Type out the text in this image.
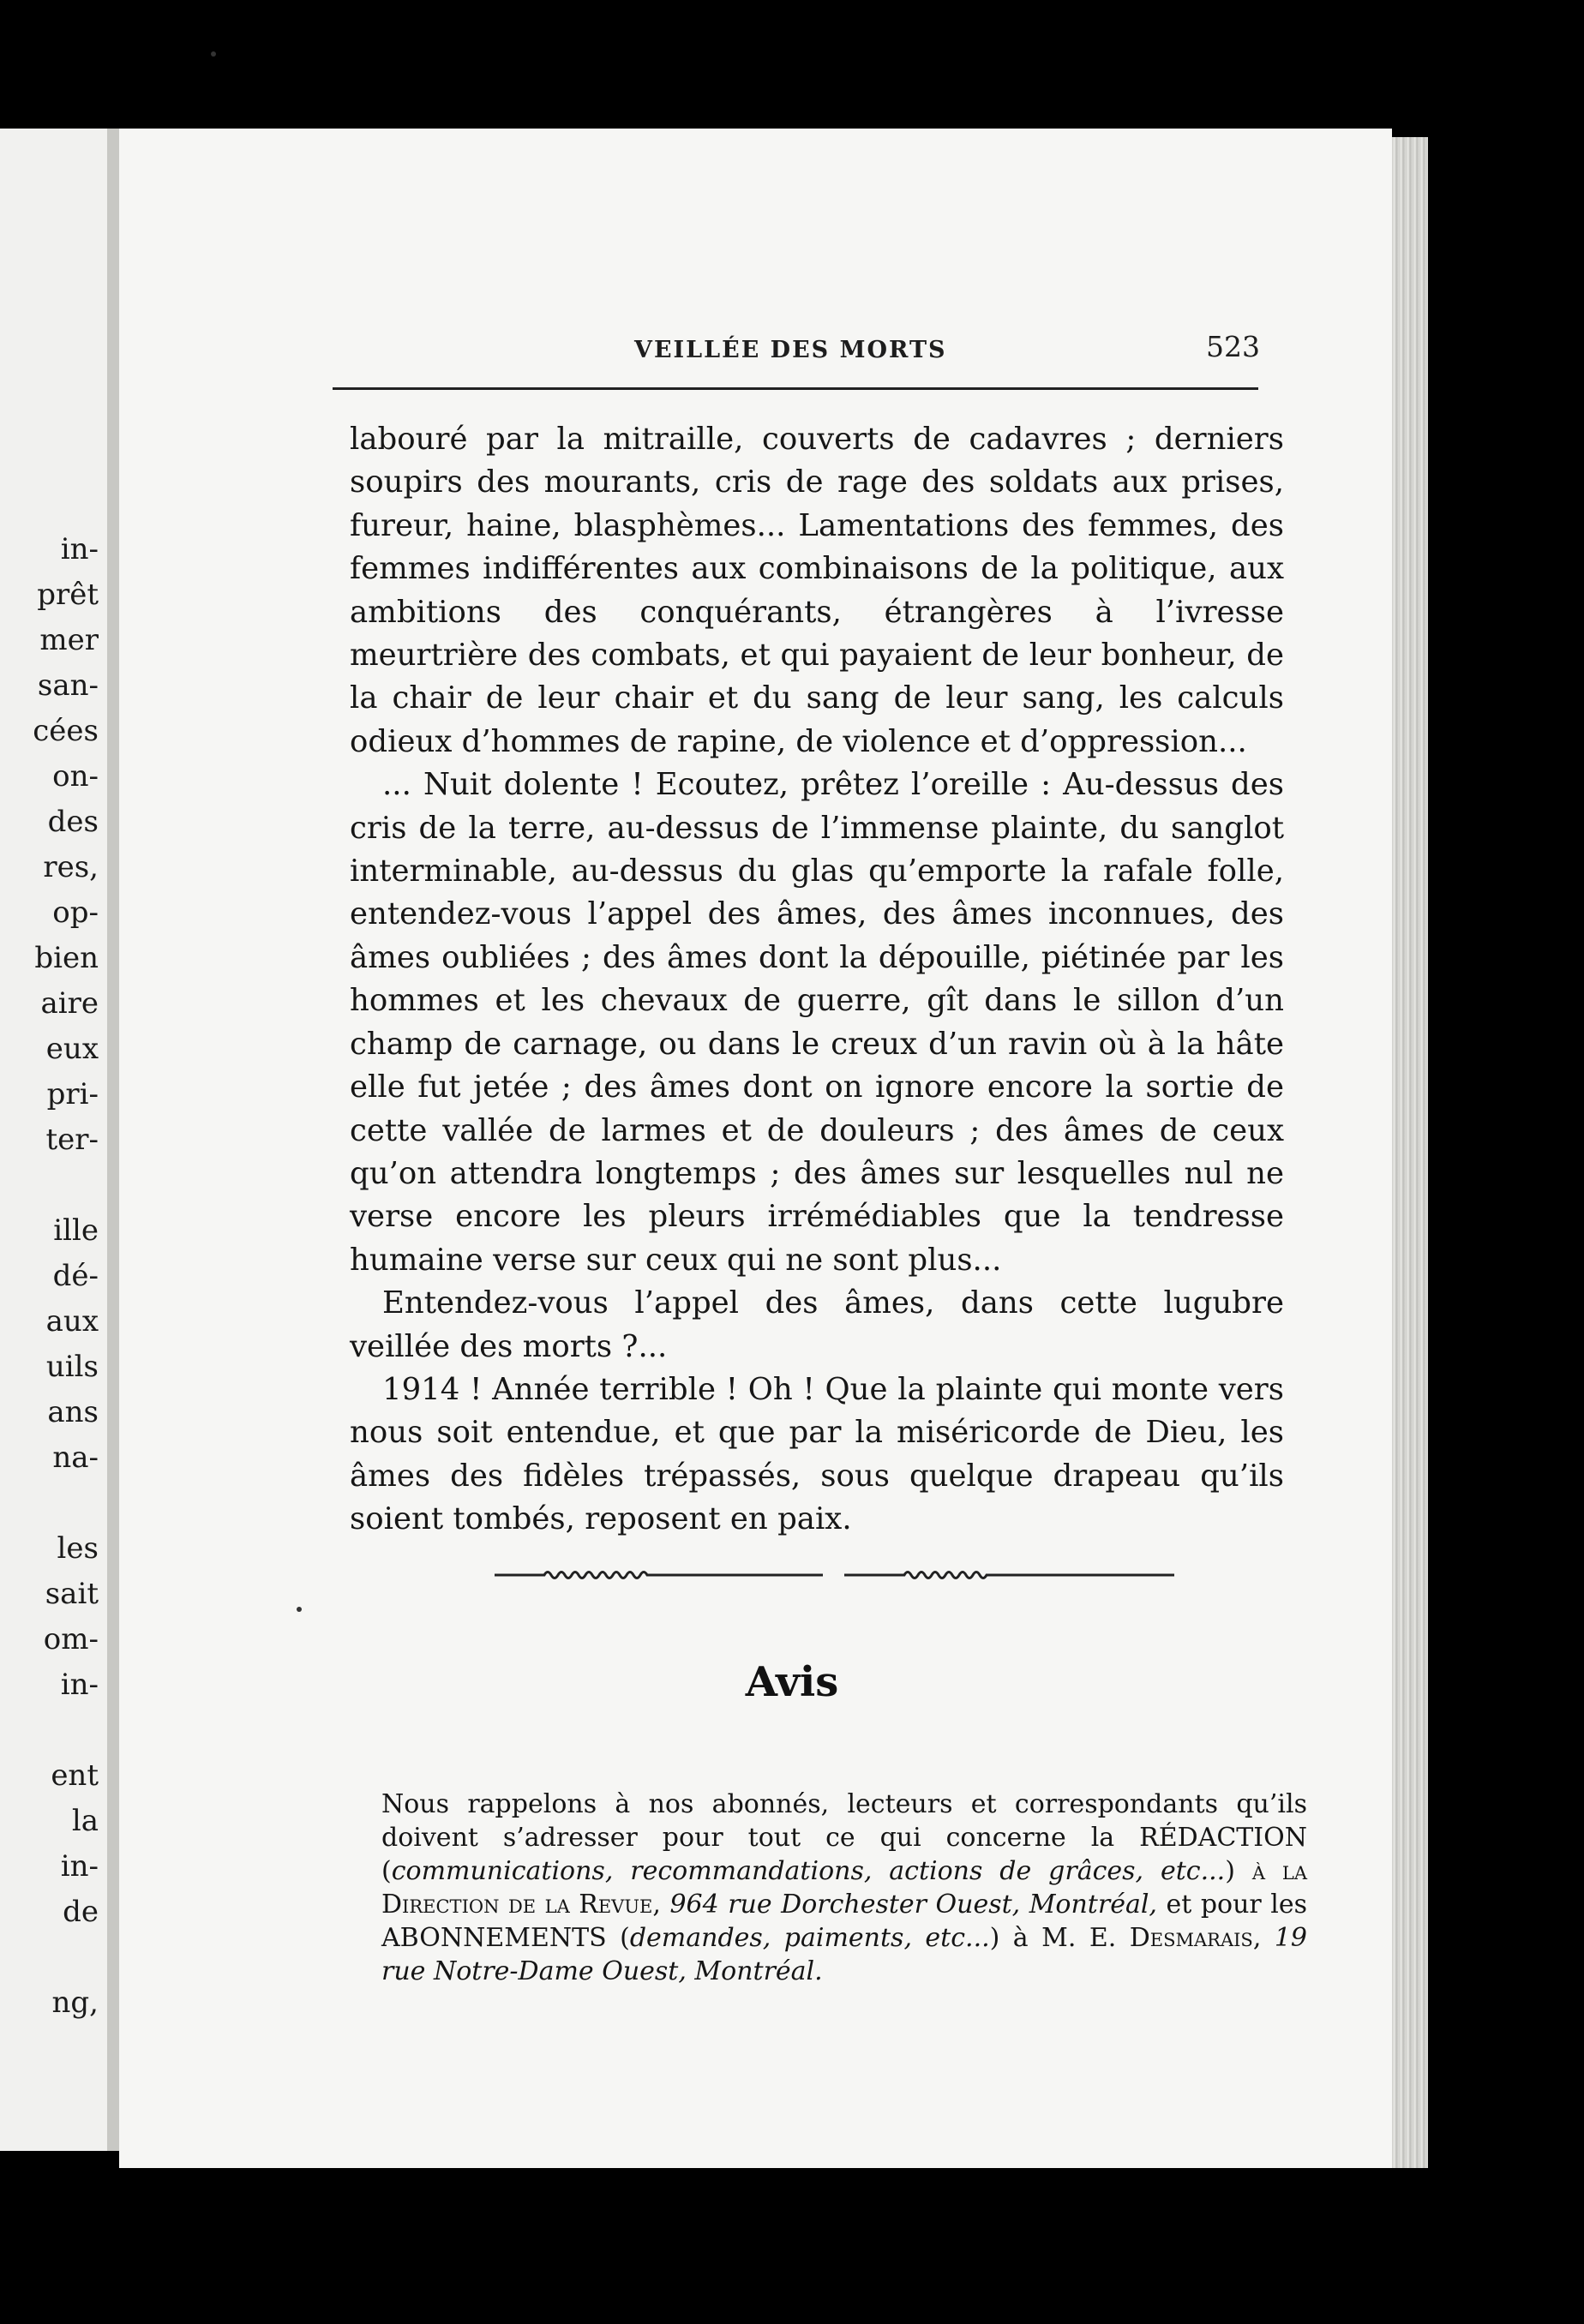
in-
prêt
mer
san-
cées
on-
des
res,
op-
bien
aire
eux
pri-
ter-
ille
dé-
aux
uils
ans
na-
les
sait
om-
in-
ent
la
in-
de
ng,
VEILLÉE DES MORTS	523

labouré par la mitraille, couverts de cadavres ; derniers soupirs des mourants, cris de rage des soldats aux prises, fureur, haine, blasphèmes... Lamentations des femmes, des femmes indifférentes aux combinaisons de la politique, aux ambitions des conquérants, étrangères à l’ivresse meurtrière des combats, et qui payaient de leur bonheur, de la chair de leur chair et du sang de leur sang, les calculs odieux d’hommes de rapine, de violence et d’oppression...

... Nuit dolente ! Ecoutez, prêtez l’oreille : Au-dessus des cris de la terre, au-dessus de l’immense plainte, du sanglot interminable, au-dessus du glas qu’emporte la rafale folle, entendez-vous l’appel des âmes, des âmes inconnues, des âmes oubliées ; des âmes dont la dépouille, piétinée par les hommes et les chevaux de guerre, gît dans le sillon d’un champ de carnage, ou dans le creux d’un ravin où à la hâte elle fut jetée ; des âmes dont on ignore encore la sortie de cette vallée de larmes et de douleurs ; des âmes de ceux qu’on attendra longtemps ; des âmes sur lesquelles nul ne verse encore les pleurs irrémédiables que la tendresse humaine verse sur ceux qui ne sont plus...

Entendez-vous l’appel des âmes, dans cette lugubre veillée des morts ?...

1914 ! Année terrible ! Oh ! Que la plainte qui monte vers nous soit entendue, et que par la miséricorde de Dieu, les âmes des fidèles trépassés, sous quelque drapeau qu’ils soient tombés, reposent en paix.

Avis
Nous rappelons à nos abonnés, lecteurs et correspondants qu’ils doivent s’adresser pour tout ce qui concerne la RÉDACTION (communications, recommandations, actions de grâces, etc...) à la Direction de la Revue, 964 rue Dorchester Ouest, Montréal, et pour les ABONNEMENTS (demandes, paiments, etc...) à M. E. Desmarais, 19 rue Notre-Dame Ouest, Montréal.
